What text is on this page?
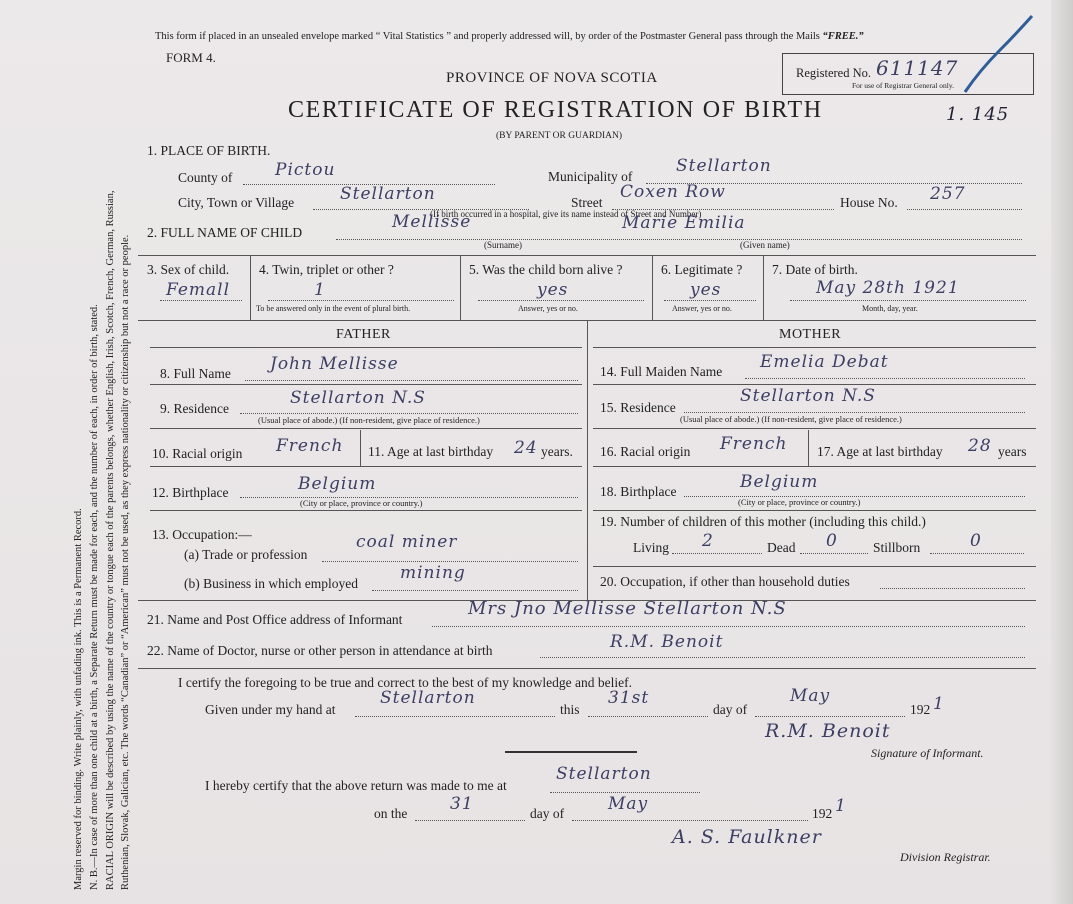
Margin reserved for binding. Write plainly, with unfading ink. This is a Permanent Record. N. B.—In case of more than one child at a birth, a Separate Return must be made for each, and the number of each, in order of birth, stated. RACIAL ORIGIN will be described by using the name of the country or tongue each of the parents belongs, whether English, Irish, Scotch, French, German, Russian, Ruthenian, Slovak, Galician, etc. The words “Canadian” or “American” must not be used, as they express nationality or citizenship but not a race or people.
This form if placed in an unsealed envelope marked “ Vital Statistics ” and properly addressed will, by order of the Postmaster General pass through the Mails “FREE.”
FORM 4.
PROVINCE OF NOVA SCOTIA
CERTIFICATE OF REGISTRATION OF BIRTH
(BY PARENT OR GUARDIAN)
Registered No. 611147
For use of Registrar General only.
1. 145
1. PLACE OF BIRTH.
County of	Pictou	Municipality of
Stellarton
City, Town or Village	Stellarton	Street
Coxen Row
House No. 257
(If birth occurred in a hospital, give its name instead of Street and Number)
2. FULL NAME OF CHILD
Mellisse	Marie Emilia
(Surname)	(Given name)
3. Sex of child.
Femall
4. Twin, triplet or other ?
1
To be answered only in the event of plural birth.
5. Was the child born alive ?
yes
Answer, yes or no.
6. Legitimate ?
yes
Answer, yes or no.
7. Date of birth.
May 28th 1921
Month, day, year.
FATHER	MOTHER
8. Full Name John Mellisse
9. Residence
Stellarton N.S
(Usual place of abode.) (If non-resident, give place of residence.)
10. Racial origin French 11. Age at last birthday 24 years.
12. Birthplace	Belgium
(City or place, province or country.)
13. Occupation:—
(a) Trade or profession
coal miner
(b) Business in which employed
mining
14. Full Maiden Name Emelia Debat
15. Residence
Stellarton N.S
(Usual place of abode.) (If non-resident, give place of residence.)
16. Racial origin French 17. Age at last birthday 28 years
18. Birthplace	Belgium
(City or place, province or country.)
19. Number of children of this mother (including this child.)
Living 2	Dead 0	Stillborn	0
20. Occupation, if other than household duties
21. Name and Post Office address of Informant
Mrs Jno Mellisse Stellarton N.S
22. Name of Doctor, nurse or other person in attendance at birth	R.M. Benoit
I certify the foregoing to be true and correct to the best of my knowledge and belief.
Given under my hand at
Stellarton
this
31st
day of
May
192 1
R.M. Benoit
Signature of Informant.
I hereby certify that the above return was made to me at
Stellarton
on the	31	day of	May	192 1
A. S. Faulkner
Division Registrar.
